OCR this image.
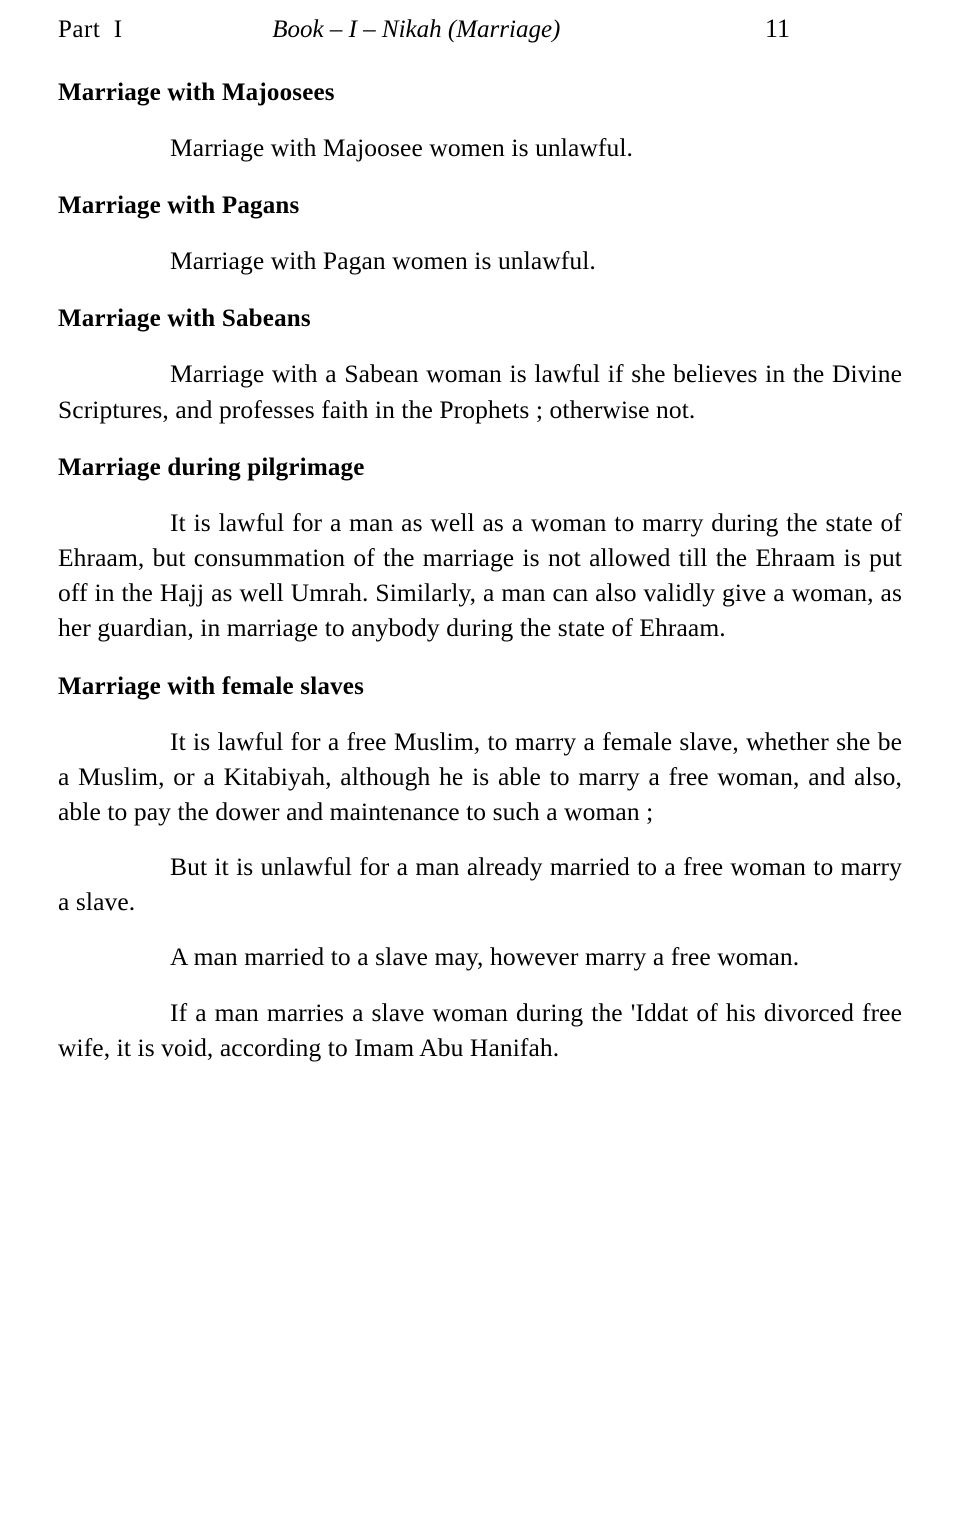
Part  I	Book – I – Nikah (Marriage)	11
Marriage with Majoosees

Marriage with Majoosee women is unlawful.

Marriage with Pagans

Marriage with Pagan women is unlawful.

Marriage with Sabeans

Marriage with a Sabean woman is lawful if she believes in the Divine Scriptures, and professes faith in the Prophets ; otherwise not.

Marriage during pilgrimage

It is lawful for a man as well as a woman to marry during the state of Ehraam, but consummation of the marriage is not allowed till the Ehraam is put off in the Hajj as well Umrah. Similarly, a man can also validly give a woman, as her guardian, in marriage to anybody during the state of Ehraam.

Marriage with female slaves

It is lawful for a free Muslim, to marry a female slave, whether she be a Muslim, or a Kitabiyah, although he is able to marry a free woman, and also, able to pay the dower and maintenance to such a woman ;

But it is unlawful for a man already married to a free woman to marry a slave.

A man married to a slave may, however marry a free woman.

If a man marries a slave woman during the 'Iddat of his divorced free wife, it is void, according to Imam Abu Hanifah.
